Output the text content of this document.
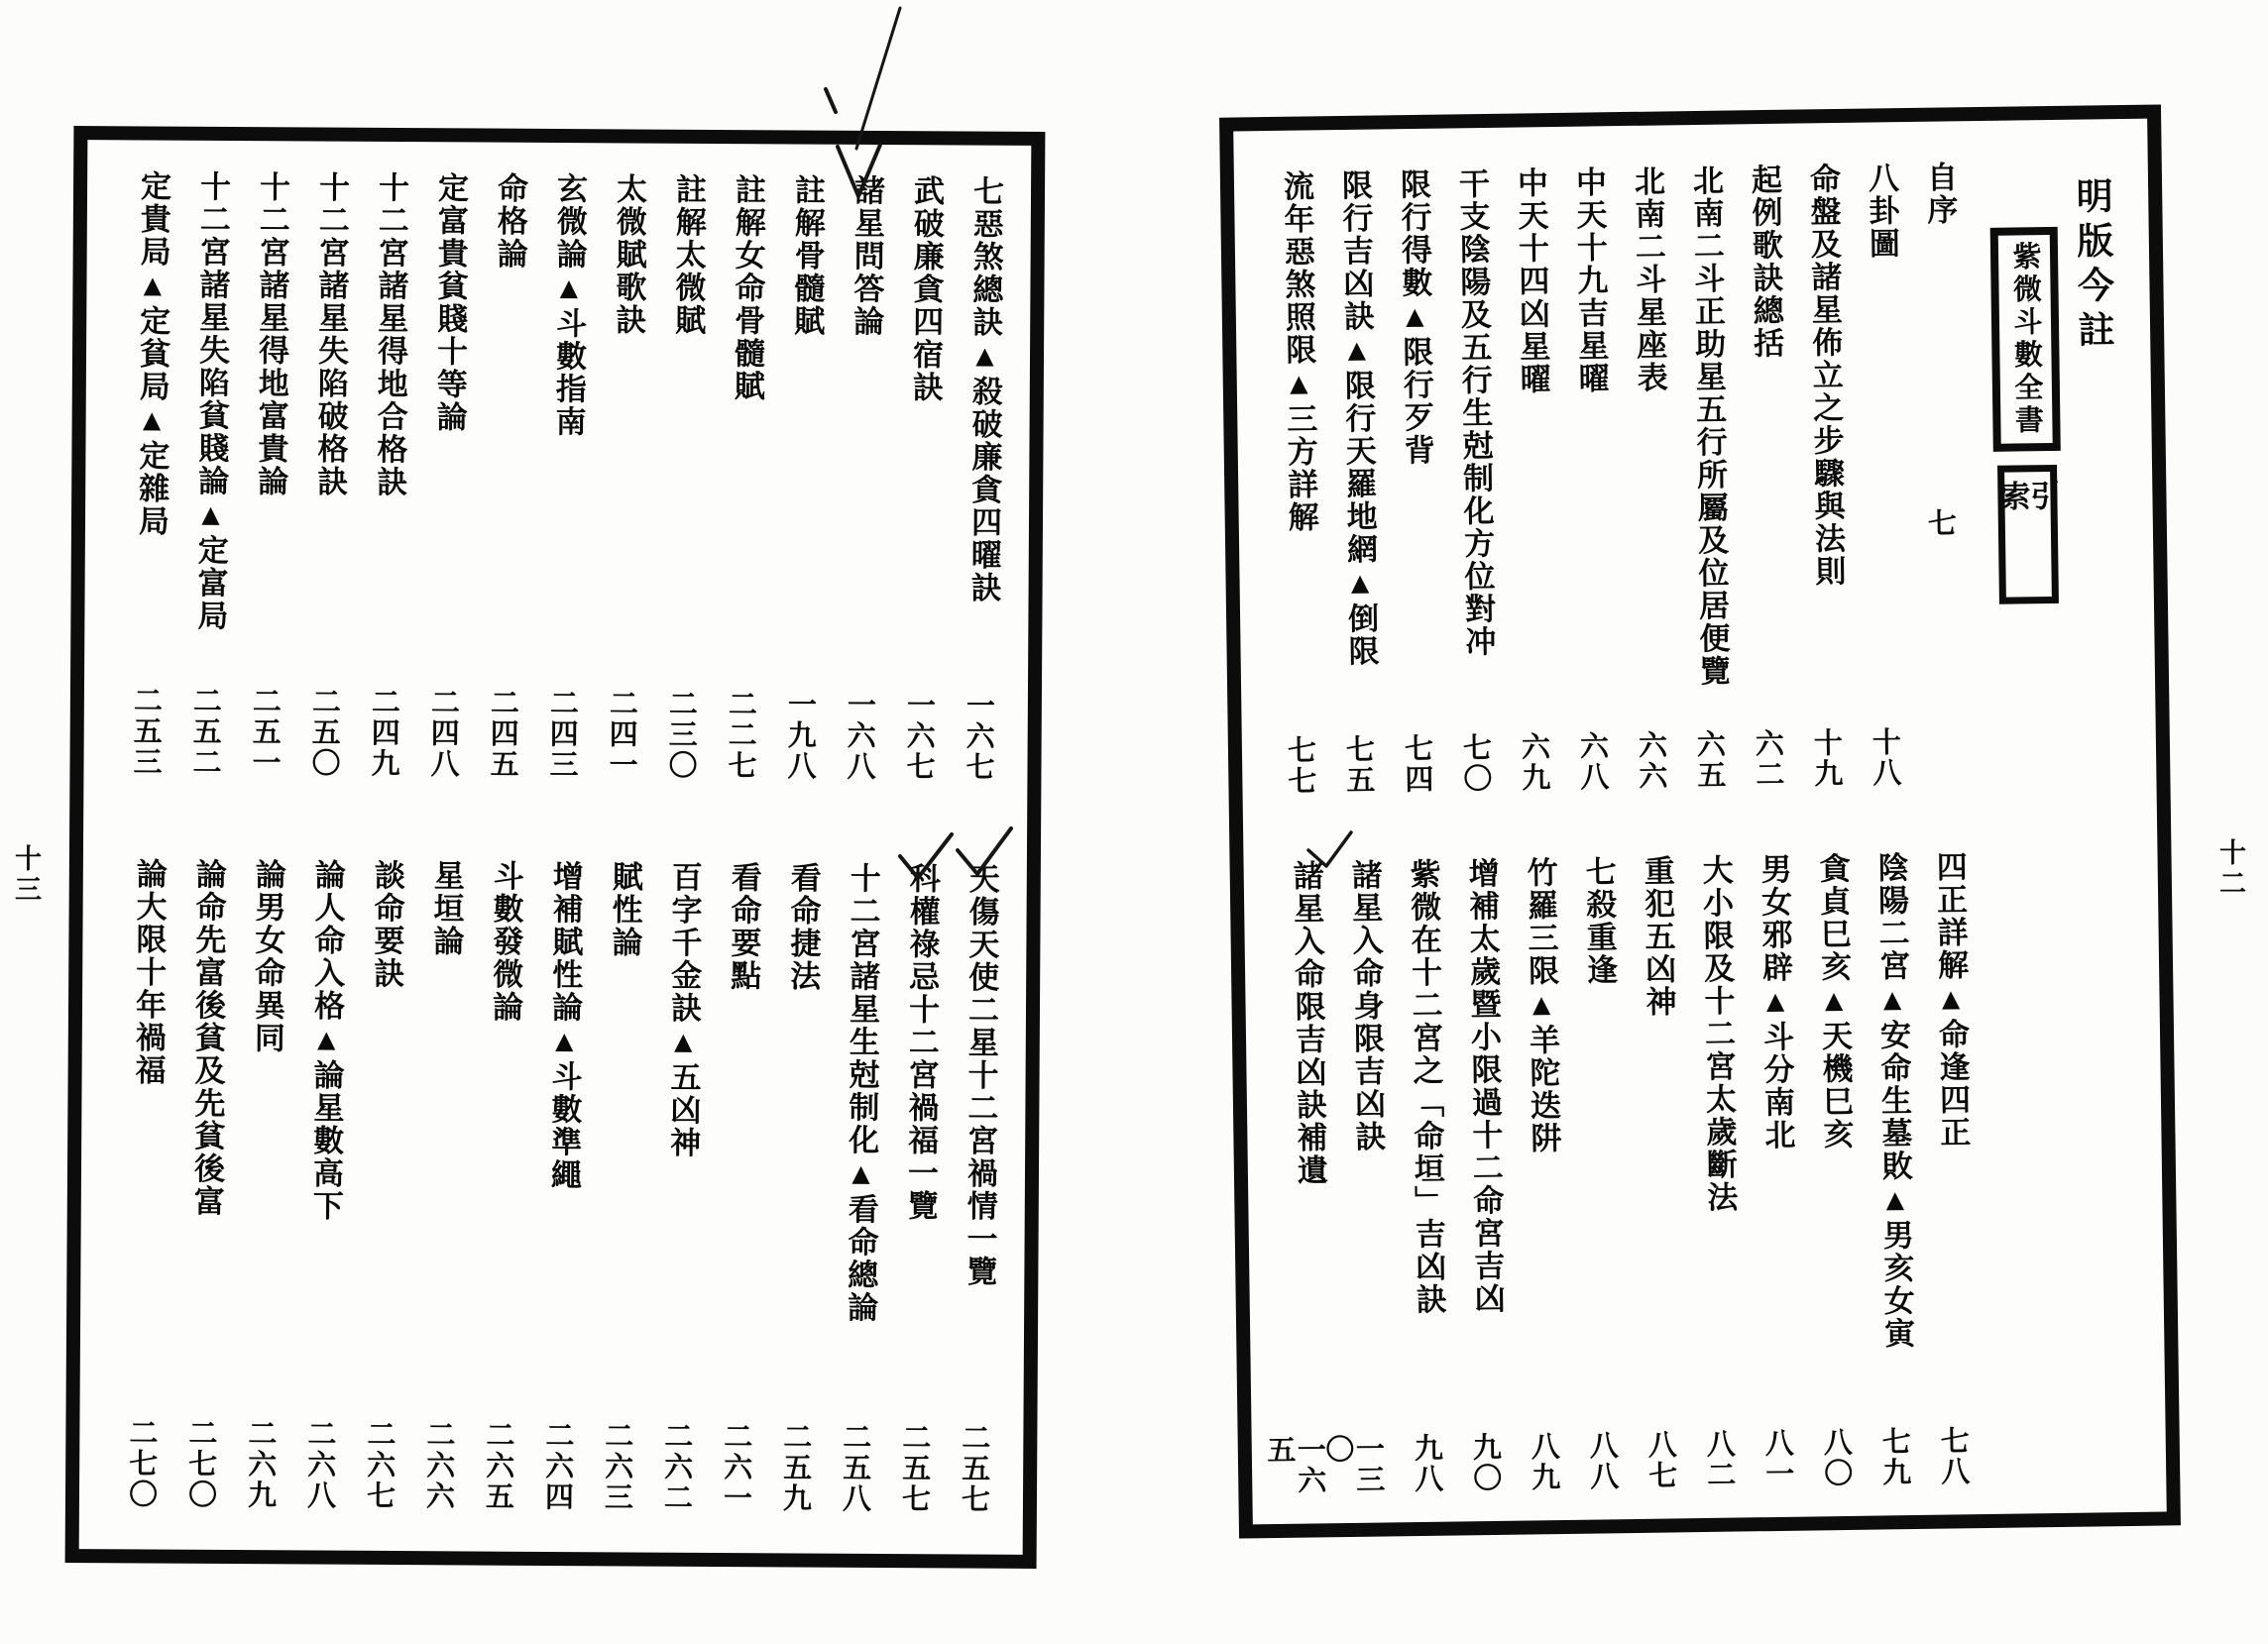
明版今註
紫微斗數全書
引索
自序
七
八卦圖
十八
命盤及諸星佈立之步驟與法則
十九
起例歌訣總括
六二
北南二斗正助星五行所屬及位居便覽
六五
北南二斗星座表
六六
中天十九吉星曜
六八
中天十四凶星曜
六九
干支陰陽及五行生尅制化方位對冲
七〇
限行得數▲限行歹背
七四
限行吉凶訣▲限行天羅地網▲倒限
七五
流年惡煞照限▲三方詳解
七七
四正詳解▲命逢四正
七八
陰陽二宮▲安命生墓敗▲男亥女寅
七九
貪貞巳亥▲天機巳亥
八〇
男女邪辟▲斗分南北
八一
大小限及十二宮太歲斷法
八二
重犯五凶神
八七
七殺重逢
八八
竹羅三限▲羊陀迭阱
八九
增補太歲暨小限過十二命宮吉凶
九〇
紫微在十二宮之「命垣」吉凶訣
九八
諸星入命身限吉凶訣
一三〇
諸星入命限吉凶訣補遺
一六五
七惡煞總訣▲殺破廉貪四曜訣
一六七
武破廉貪四宿訣
一六七
諸星問答論
一六八
註解骨髓賦
一九八
註解女命骨髓賦
二二七
註解太微賦
二三〇
太微賦歌訣
二四一
玄微論▲斗數指南
二四三
命格論
二四五
定富貴貧賤十等論
二四八
十二宮諸星得地合格訣
二四九
十二宮諸星失陷破格訣
二五〇
十二宮諸星得地富貴論
二五一
十二宮諸星失陷貧賤論▲定富局
二五二
定貴局▲定貧局▲定雜局
二五三
天傷天使二星十二宮禍情一覽
二五七
科權祿忌十二宮禍福一覽
二五七
十二宮諸星生尅制化▲看命總論
二五八
看命捷法
二五九
看命要點
二六一
百字千金訣▲五凶神
二六二
賦性論
二六三
增補賦性論▲斗數準繩
二六四
斗數發微論
二六五
星垣論
二六六
談命要訣
二六七
論人命入格▲論星數高下
二六八
論男女命異同
二六九
論命先富後貧及先貧後富
二七〇
論大限十年禍福
二七〇
十二
十三
